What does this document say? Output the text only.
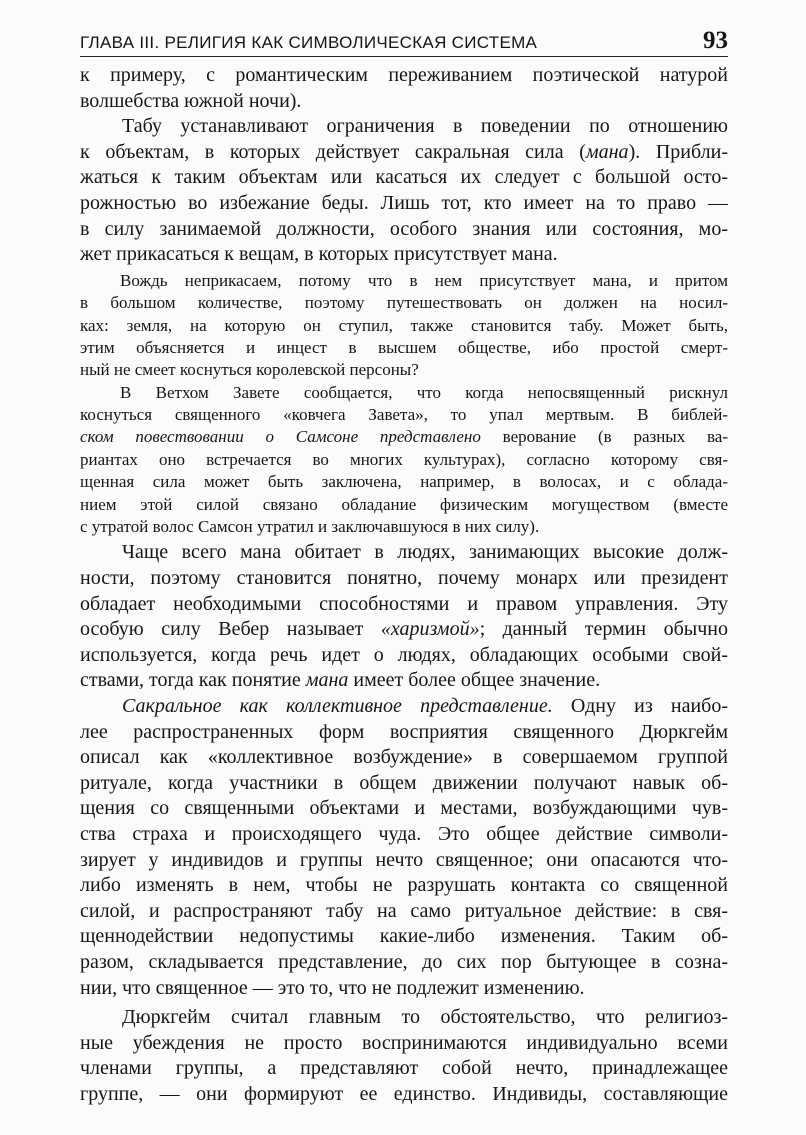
ГЛАВА III. РЕЛИГИЯ КАК СИМВОЛИЧЕСКАЯ СИСТЕМА	93
к примеру, с романтическим переживанием поэтической натурой
волшебства южной ночи).
Табу устанавливают ограничения в поведении по отношению
к объектам, в которых действует сакральная сила (мана). Прибли-
жаться к таким объектам или касаться их следует с большой осто-
рожностью во избежание беды. Лишь тот, кто имеет на то право —
в силу занимаемой должности, особого знания или состояния, мо-
жет прикасаться к вещам, в которых присутствует мана.
Вождь неприкасаем, потому что в нем присутствует мана, и притом
в большом количестве, поэтому путешествовать он должен на носил-
ках: земля, на которую он ступил, также становится табу. Может быть,
этим объясняется и инцест в высшем обществе, ибо простой смерт-
ный не смеет коснуться королевской персоны?
В Ветхом Завете сообщается, что когда непосвященный рискнул
коснуться священного «ковчега Завета», то упал мертвым. В библей-
ском повествовании о Самсоне представлено верование (в разных ва-
риантах оно встречается во многих культурах), согласно которому свя-
щенная сила может быть заключена, например, в волосах, и с облада-
нием этой силой связано обладание физическим могуществом (вместе
с утратой волос Самсон утратил и заключавшуюся в них силу).
Чаще всего мана обитает в людях, занимающих высокие долж-
ности, поэтому становится понятно, почему монарх или президент
обладает необходимыми способностями и правом управления. Эту
особую силу Вебер называет «харизмой»; данный термин обычно
используется, когда речь идет о людях, обладающих особыми свой-
ствами, тогда как понятие мана имеет более общее значение.
Сакральное как коллективное представление. Одну из наибо-
лее распространенных форм восприятия священного Дюркгейм
описал как «коллективное возбуждение» в совершаемом группой
ритуале, когда участники в общем движении получают навык об-
щения со священными объектами и местами, возбуждающими чув-
ства страха и происходящего чуда. Это общее действие символи-
зирует у индивидов и группы нечто священное; они опасаются что-
либо изменять в нем, чтобы не разрушать контакта со священной
силой, и распространяют табу на само ритуальное действие: в свя-
щеннодействии недопустимы какие-либо изменения. Таким об-
разом, складывается представление, до сих пор бытующее в созна-
нии, что священное — это то, что не подлежит изменению.
Дюркгейм считал главным то обстоятельство, что религиоз-
ные убеждения не просто воспринимаются индивидуально всеми
членами группы, а представляют собой нечто, принадлежащее
группе, — они формируют ее единство. Индивиды, составляющие
